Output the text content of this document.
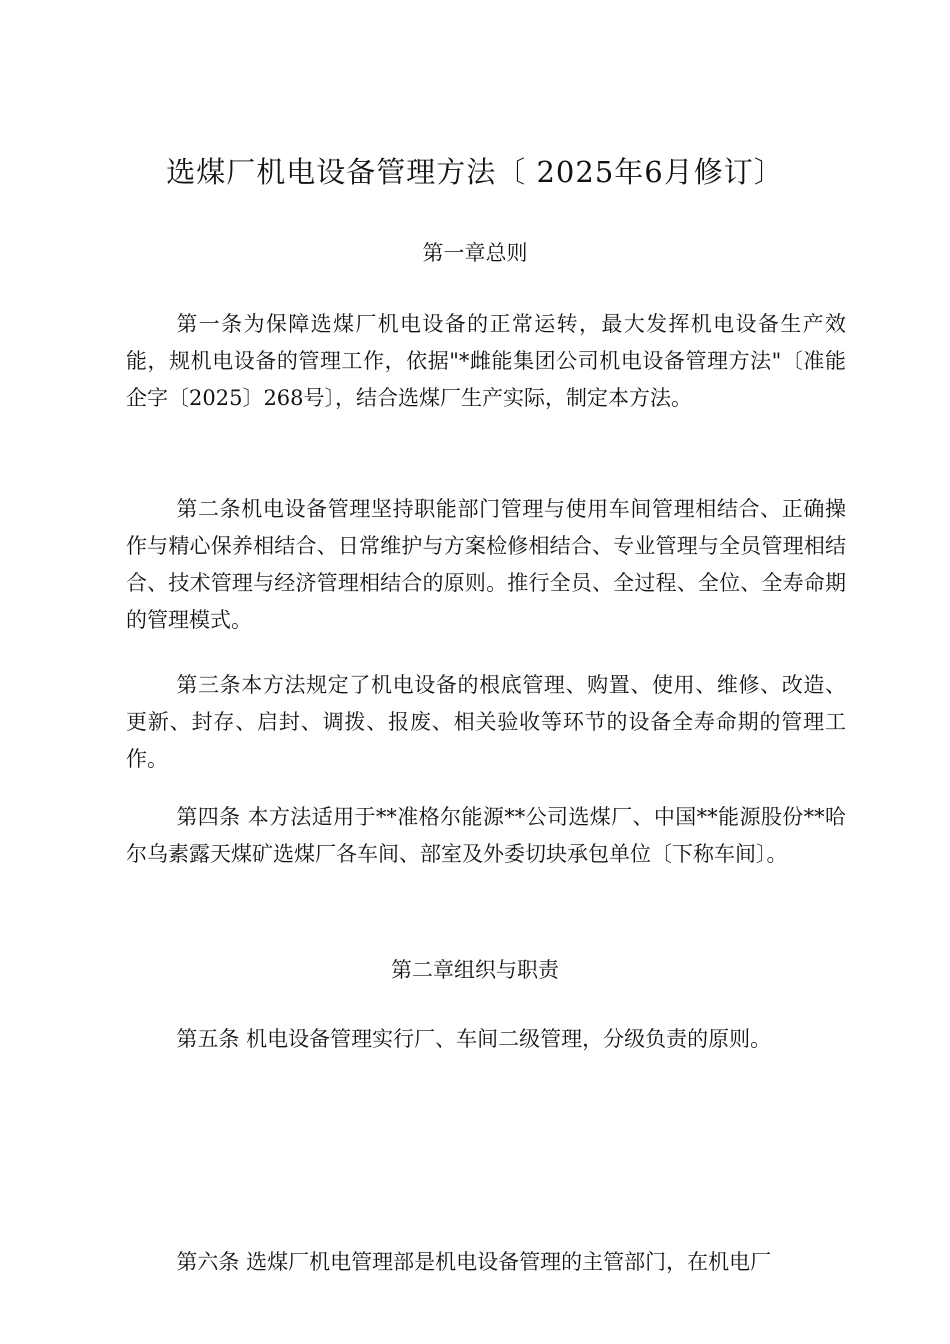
选煤厂机电设备管理方法〔 2025年6月修订〕
第一章总则
第一条为保障选煤厂机电设备的正常运转，最大发挥机电设备生产效能，规机电设备的管理工作，依据"*雌能集团公司机电设备管理方法"〔准能企字〔2025〕268号〕，结合选煤厂生产实际，制定本方法。
第二条机电设备管理坚持职能部门管理与使用车间管理相结合、正确操作与精心保养相结合、日常维护与方案检修相结合、专业管理与全员管理相结合、技术管理与经济管理相结合的原则。推行全员、全过程、全位、全寿命期的管理模式。
第三条本方法规定了机电设备的根底管理、购置、使用、维修、改造、更新、封存、启封、调拨、报废、相关验收等环节的设备全寿命期的管理工作。
第四条 本方法适用于**准格尔能源**公司选煤厂、中国**能源股份**哈尔乌素露天煤矿选煤厂各车间、部室及外委切块承包单位〔下称车间〕。
第二章组织与职责
第五条 机电设备管理实行厂、车间二级管理，分级负责的原则。
第六条 选煤厂机电管理部是机电设备管理的主管部门，在机电厂
